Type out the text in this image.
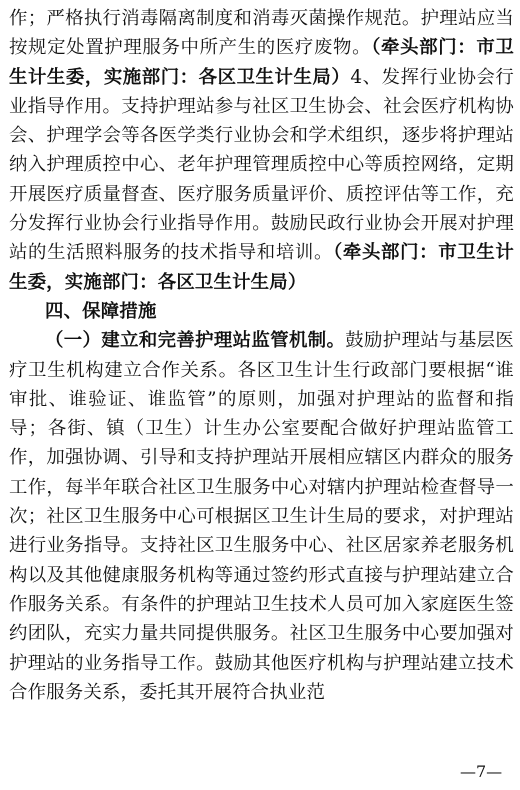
作；严格执行消毒隔离制度和消毒灭菌操作规范。护理站应当按规定处置护理服务中所产生的医疗废物。（牵头部门：市卫生计生委，实施部门：各区卫生计生局）4、发挥行业协会行业指导作用。支持护理站参与社区卫生协会、社会医疗机构协会、护理学会等各医学类行业协会和学术组织，逐步将护理站纳入护理质控中心、老年护理管理质控中心等质控网络，定期开展医疗质量督查、医疗服务质量评价、质控评估等工作，充分发挥行业协会行业指导作用。鼓励民政行业协会开展对护理站的生活照料服务的技术指导和培训。（牵头部门：市卫生计生委，实施部门：各区卫生计生局）

四、保障措施

（一）建立和完善护理站监管机制。鼓励护理站与基层医疗卫生机构建立合作关系。各区卫生计生行政部门要根据“谁审批、谁验证、谁监管”的原则，加强对护理站的监督和指导；各街、镇（卫生）计生办公室要配合做好护理站监管工作，加强协调、引导和支持护理站开展相应辖区内群众的服务工作，每半年联合社区卫生服务中心对辖内护理站检查督导一次；社区卫生服务中心可根据区卫生计生局的要求，对护理站进行业务指导。支持社区卫生服务中心、社区居家养老服务机构以及其他健康服务机构等通过签约形式直接与护理站建立合作服务关系。有条件的护理站卫生技术人员可加入家庭医生签约团队，充实力量共同提供服务。社区卫生服务中心要加强对护理站的业务指导工作。鼓励其他医疗机构与护理站建立技术合作服务关系，委托其开展符合执业范

—7—
